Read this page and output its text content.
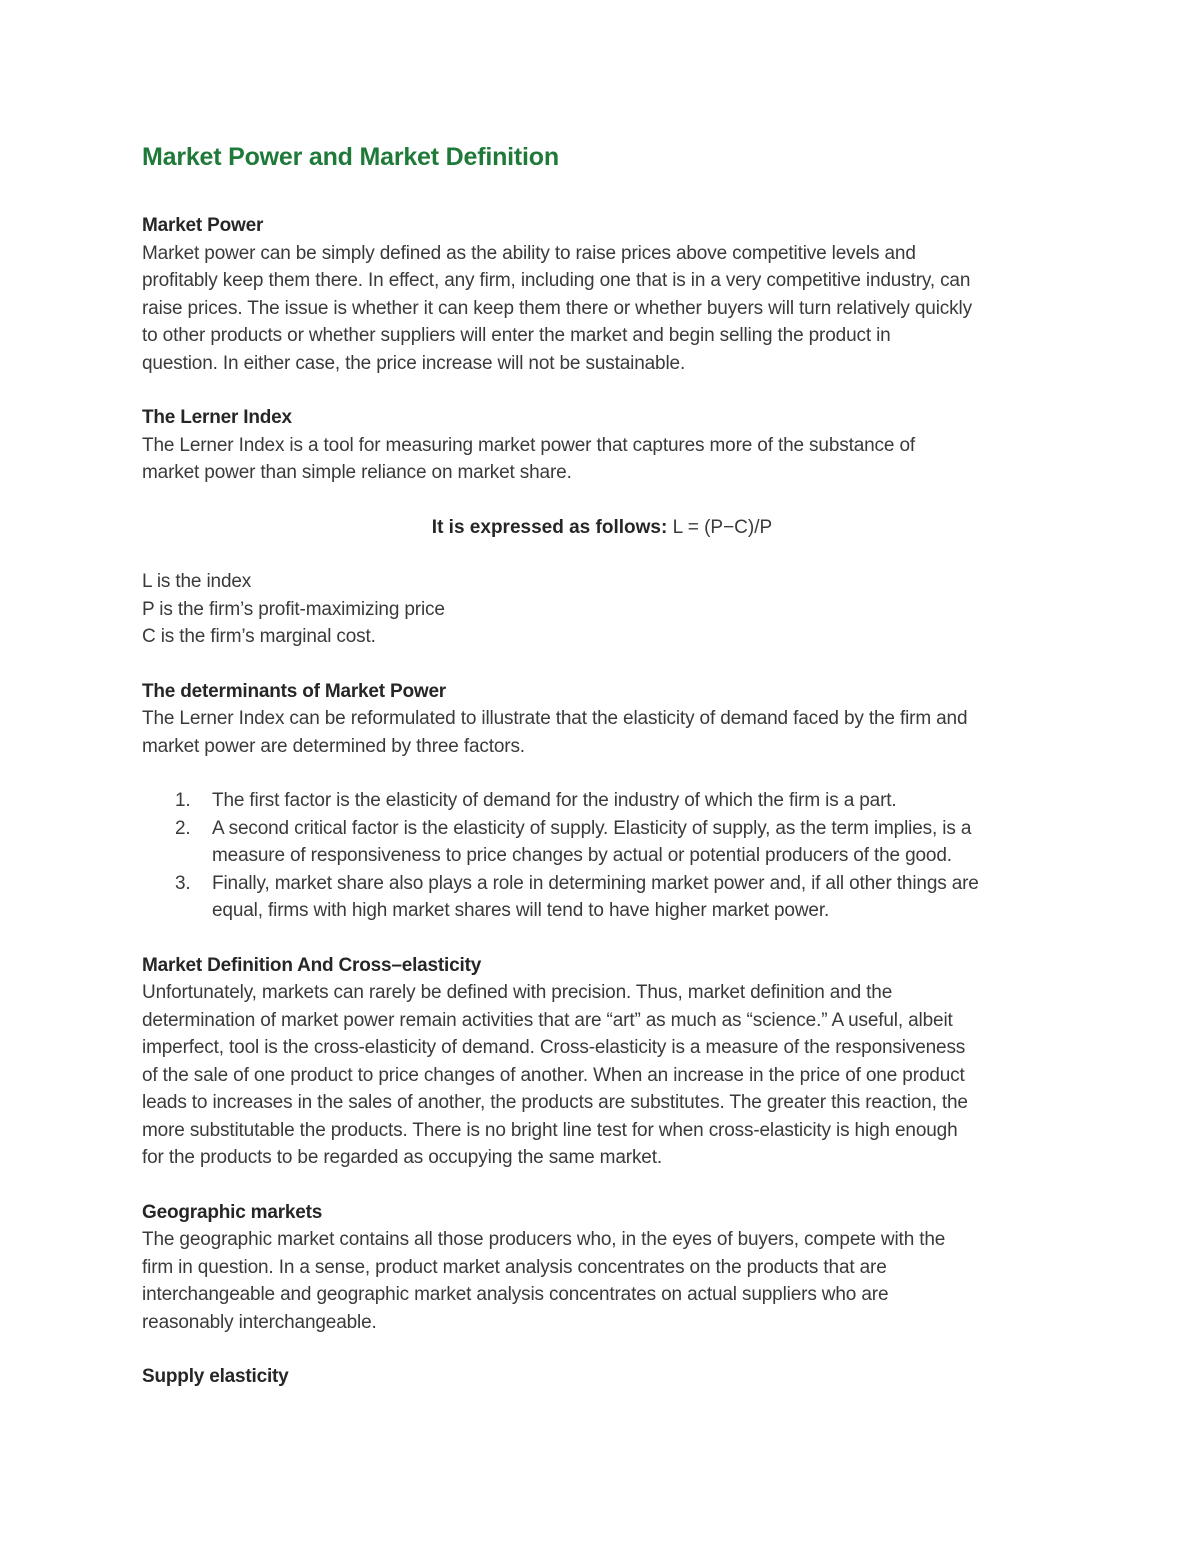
Market Power and Market Definition
Market Power
Market power can be simply defined as the ability to raise prices above competitive levels and
profitably keep them there. In effect, any firm, including one that is in a very competitive industry, can
raise prices. The issue is whether it can keep them there or whether buyers will turn relatively quickly
to other products or whether suppliers will enter the market and begin selling the product in
question. In either case, the price increase will not be sustainable.
The Lerner Index
The Lerner Index is a tool for measuring market power that captures more of the substance of
market power than simple reliance on market share.
It is expressed as follows: L = (P−C)/P
L is the index
P is the firm’s profit-maximizing price
C is the firm’s marginal cost.
The determinants of Market Power
The Lerner Index can be reformulated to illustrate that the elasticity of demand faced by the firm and
market power are determined by three factors.
1. The first factor is the elasticity of demand for the industry of which the firm is a part.
2. A second critical factor is the elasticity of supply. Elasticity of supply, as the term implies, is a
measure of responsiveness to price changes by actual or potential producers of the good.
3. Finally, market share also plays a role in determining market power and, if all other things are
equal, firms with high market shares will tend to have higher market power.
Market Definition And Cross–elasticity
Unfortunately, markets can rarely be defined with precision. Thus, market definition and the
determination of market power remain activities that are “art” as much as “science.” A useful, albeit
imperfect, tool is the cross-elasticity of demand. Cross-elasticity is a measure of the responsiveness
of the sale of one product to price changes of another. When an increase in the price of one product
leads to increases in the sales of another, the products are substitutes. The greater this reaction, the
more substitutable the products. There is no bright line test for when cross-elasticity is high enough
for the products to be regarded as occupying the same market.
Geographic markets
The geographic market contains all those producers who, in the eyes of buyers, compete with the
firm in question. In a sense, product market analysis concentrates on the products that are
interchangeable and geographic market analysis concentrates on actual suppliers who are
reasonably interchangeable.
Supply elasticity
